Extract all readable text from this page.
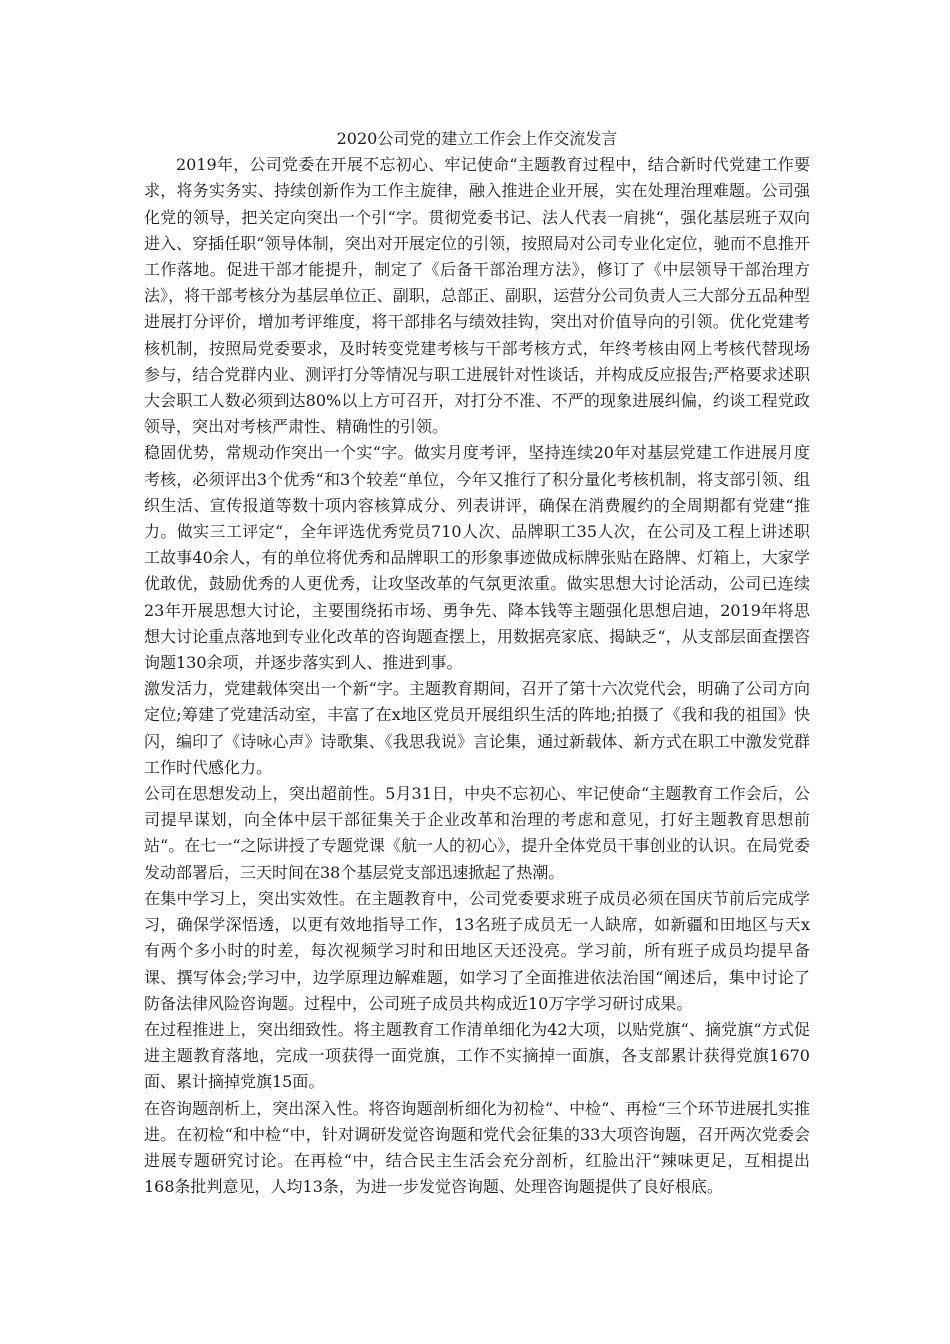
2020公司党的建立工作会上作交流发言

2019年，公司党委在开展不忘初心、牢记使命“主题教育过程中，结合新时代党建工作要求，将务实务实、持续创新作为工作主旋律，融入推进企业开展，实在处理治理难题。公司强化党的领导，把关定向突出一个引“字。贯彻党委书记、法人代表一肩挑“，强化基层班子双向进入、穿插任职“领导体制，突出对开展定位的引领，按照局对公司专业化定位，驰而不息推开工作落地。促进干部才能提升，制定了《后备干部治理方法》，修订了《中层领导干部治理方法》，将干部考核分为基层单位正、副职，总部正、副职，运营分公司负责人三大部分五品种型进展打分评价，增加考评维度，将干部排名与绩效挂钩，突出对价值导向的引领。优化党建考核机制，按照局党委要求，及时转变党建考核与干部考核方式，年终考核由网上考核代替现场参与，结合党群内业、测评打分等情况与职工进展针对性谈话，并构成反应报告;严格要求述职大会职工人数必须到达80%以上方可召开，对打分不准、不严的现象进展纠偏，约谈工程党政领导，突出对考核严肃性、精确性的引领。

稳固优势，常规动作突出一个实“字。做实月度考评，坚持连续20年对基层党建工作进展月度考核，必须评出3个优秀“和3个较差“单位，今年又推行了积分量化考核机制，将支部引领、组织生活、宣传报道等数十项内容核算成分、列表讲评，确保在消费履约的全周期都有党建“推力。做实三工评定“，全年评选优秀党员710人次、品牌职工35人次，在公司及工程上讲述职工故事40余人，有的单位将优秀和品牌职工的形象事迹做成标牌张贴在路牌、灯箱上，大家学优敢优，鼓励优秀的人更优秀，让攻坚改革的气氛更浓重。做实思想大讨论活动，公司已连续23年开展思想大讨论，主要围绕拓市场、勇争先、降本钱等主题强化思想启迪，2019年将思想大讨论重点落地到专业化改革的咨询题查摆上，用数据亮家底、揭缺乏“，从支部层面查摆咨询题130余项，并逐步落实到人、推进到事。

激发活力，党建载体突出一个新“字。主题教育期间，召开了第十六次党代会，明确了公司方向定位;筹建了党建活动室，丰富了在x地区党员开展组织生活的阵地;拍摄了《我和我的祖国》快闪，编印了《诗咏心声》诗歌集、《我思我说》言论集，通过新载体、新方式在职工中激发党群工作时代感化力。

公司在思想发动上，突出超前性。5月31日，中央不忘初心、牢记使命“主题教育工作会后，公司提早谋划，向全体中层干部征集关于企业改革和治理的考虑和意见，打好主题教育思想前站“。在七一“之际讲授了专题党课《航一人的初心》，提升全体党员干事创业的认识。在局党委发动部署后，三天时间在38个基层党支部迅速掀起了热潮。

在集中学习上，突出实效性。在主题教育中，公司党委要求班子成员必须在国庆节前后完成学习，确保学深悟透，以更有效地指导工作，13名班子成员无一人缺席，如新疆和田地区与天x有两个多小时的时差，每次视频学习时和田地区天还没亮。学习前，所有班子成员均提早备课、撰写体会;学习中，边学原理边解难题，如学习了全面推进依法治国“阐述后，集中讨论了防备法律风险咨询题。过程中，公司班子成员共构成近10万字学习研讨成果。

在过程推进上，突出细致性。将主题教育工作清单细化为42大项，以贴党旗“、摘党旗“方式促进主题教育落地，完成一项获得一面党旗，工作不实摘掉一面旗，各支部累计获得党旗1670面、累计摘掉党旗15面。

在咨询题剖析上，突出深入性。将咨询题剖析细化为初检“、中检“、再检“三个环节进展扎实推进。在初检“和中检“中，针对调研发觉咨询题和党代会征集的33大项咨询题，召开两次党委会进展专题研究讨论。在再检“中，结合民主生活会充分剖析，红脸出汗“辣味更足，互相提出168条批判意见，人均13条，为进一步发觉咨询题、处理咨询题提供了良好根底。
